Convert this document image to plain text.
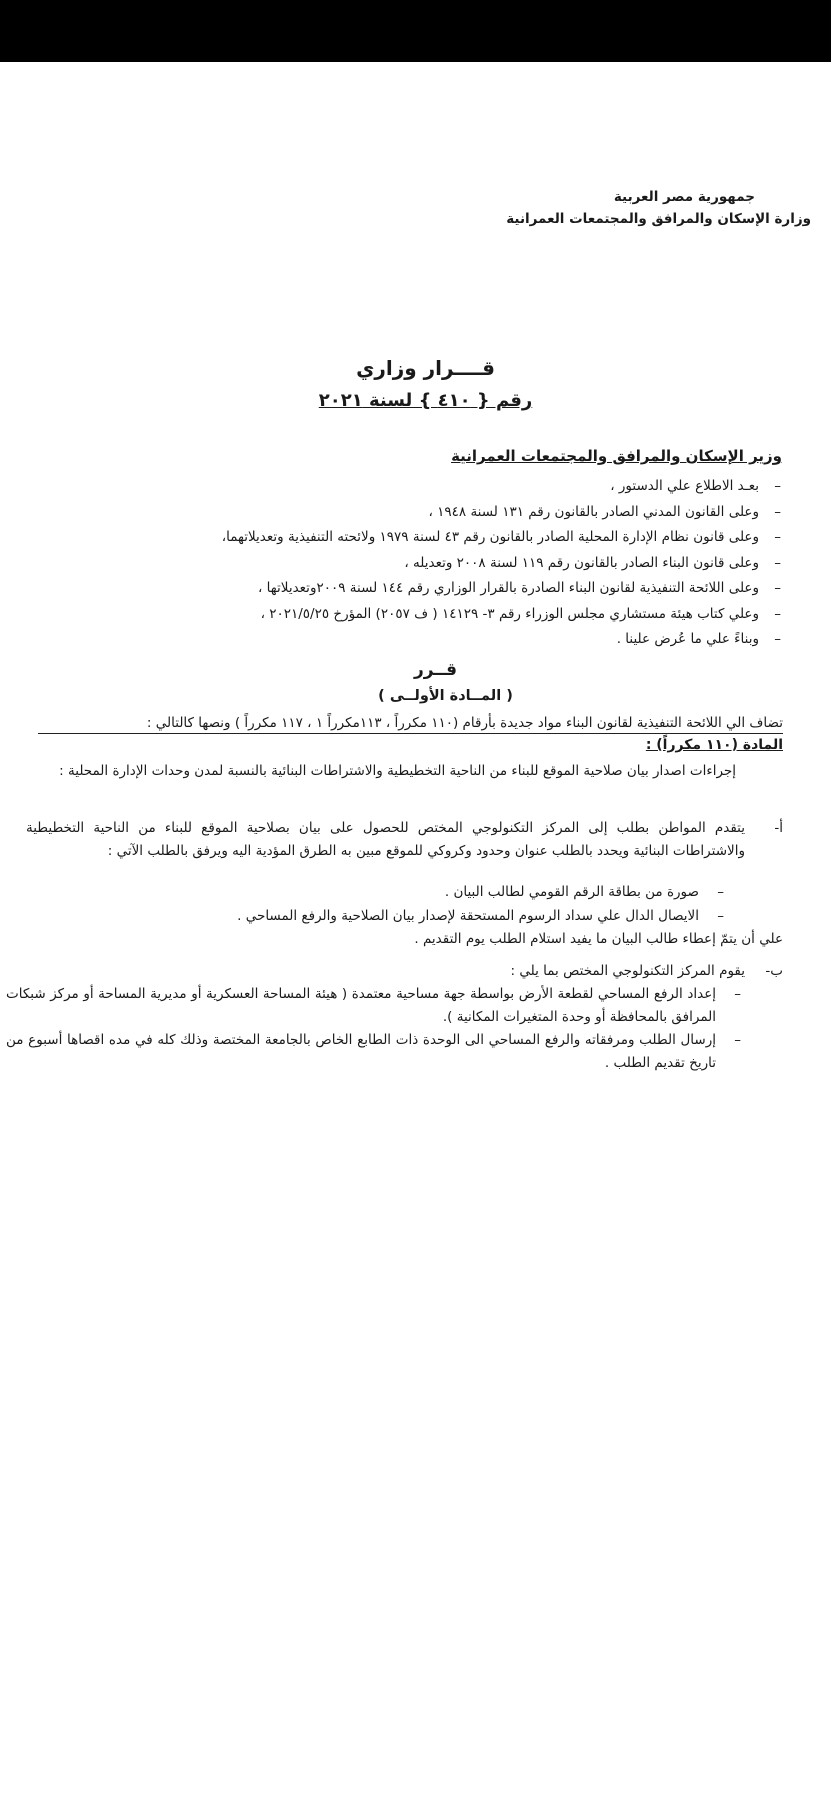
جمهورية مصر العربية
وزارة الإسكان والمرافق والمجتمعات العمرانية
قــــرار وزاري
رقم { ٤١٠ } لسنة ٢٠٢١
وزير الإسكان والمرافق والمجتمعات العمرانية
–
بعـد الاطلاع علي الدستور ،
–
وعلى القانون المدني الصادر بالقانون رقم ١٣١ لسنة ١٩٤٨ ،
–
وعلى قانون نظام الإدارة المحلية الصادر بالقانون رقم ٤٣ لسنة ١٩٧٩ ولائحته التنفيذية وتعديلاتهما،
–
وعلى قانون البناء الصادر بالقانون رقم ١١٩ لسنة ٢٠٠٨ وتعديله ،
–
وعلى اللائحة التنفيذية لقانون البناء الصادرة بالقرار الوزاري رقم ١٤٤ لسنة ٢٠٠٩وتعديلاتها ،
–
وعلي كتاب هيئة مستشاري مجلس الوزراء رقم ٣- ١٤١٢٩ ( ف ٢٠٥٧) المؤرخ ٢٠٢١/٥/٢٥ ،
–
وبناءً علي ما عُرض علينا .
قــرر
( المــادة الأولــى )
تضاف الي اللائحة التنفيذية لقانون البناء مواد جديدة بأرقام (١١٠ مكرراً ، ١١٣مكرراً ١ ، ١١٧ مكرراً ) ونصها كالتالي :
المادة (١١٠ مكرراً) :
إجراءات اصدار بيان صلاحية الموقع للبناء من الناحية التخطيطية والاشتراطات البنائية بالنسبة لمدن وحدات الإدارة المحلية :
أ-
يتقدم المواطن بطلب إلى المركز التكنولوجي المختص للحصول على بيان بصلاحية الموقع للبناء من الناحية التخطيطية والاشتراطات البنائية ويحدد بالطلب عنوان وحدود وكروكي للموقع مبين به الطرق المؤدية اليه ويرفق بالطلب الآتي :
–
صورة من بطاقة الرقم القومي لطالب البيان .
–
الايصال الدال علي سداد الرسوم المستحقة لإصدار بيان الصلاحية والرفع المساحي .
علي أن يتمّ إعطاء طالب البيان ما يفيد استلام الطلب يوم التقديم .
ب-
يقوم المركز التكنولوجي المختص بما يلي :
–
إعداد الرفع المساحي لقطعة الأرض بواسطة جهة مساحية معتمدة ( هيئة المساحة العسكرية أو مديرية المساحة أو مركز شبكات المرافق بالمحافظة أو وحدة المتغيرات المكانية ).
–
إرسال الطلب ومرفقاته والرفع المساحي الى الوحدة ذات الطابع الخاص بالجامعة المختصة وذلك كله في مده اقصاها أسبوع من تاريخ تقديم الطلب .
